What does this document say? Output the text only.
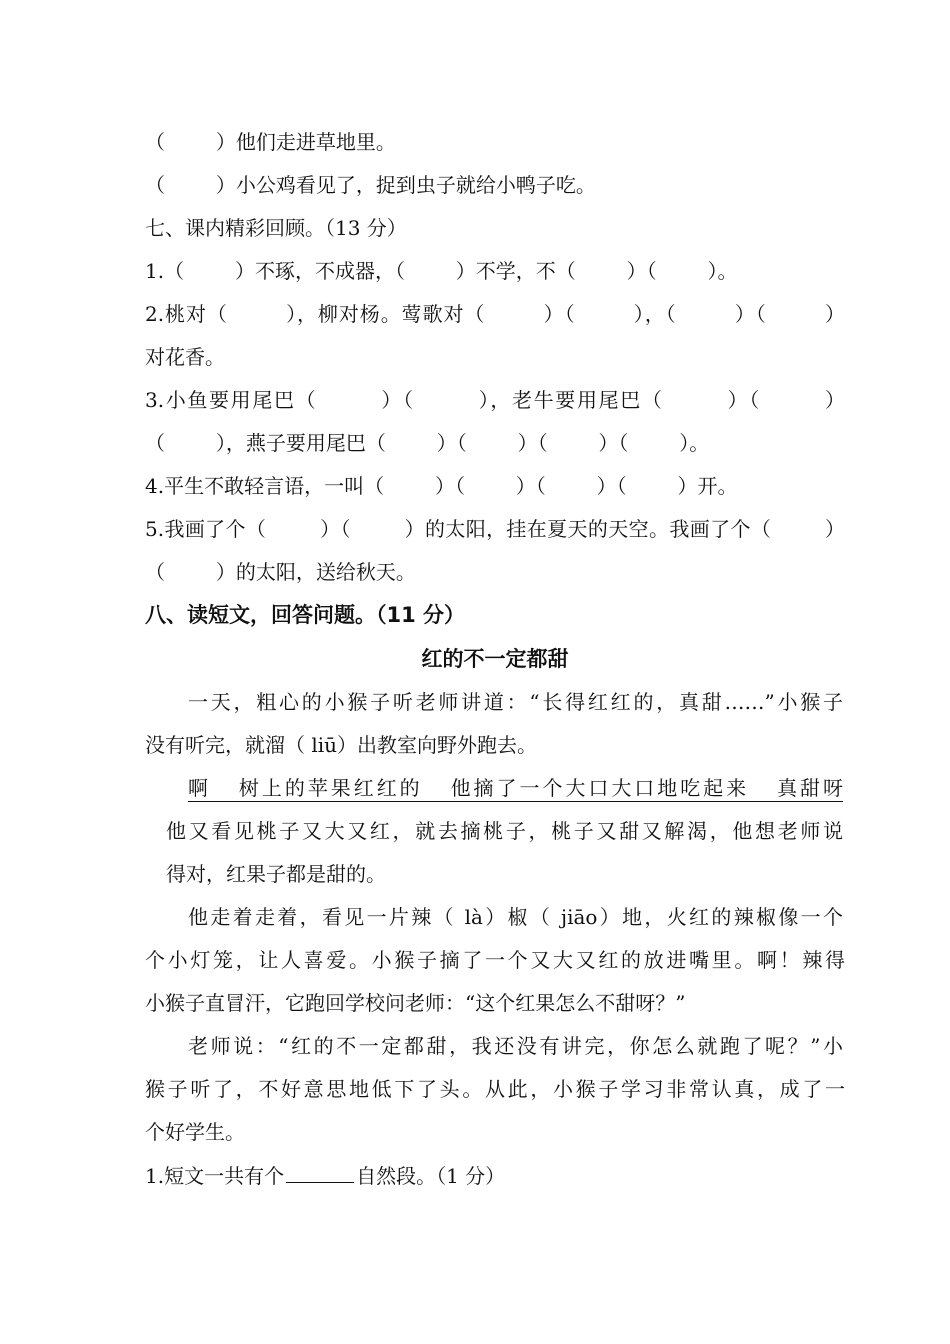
（        ）他们走进草地里。
（        ）小公鸡看见了，捉到虫子就给小鸭子吃。
七、课内精彩回顾。（13 分）
1.（        ）不琢，不成器，（        ）不学，不（        ）（        ）。
2.桃对（        ），柳对杨。莺歌对（        ）（        ），（        ）（        ）
对花香。
3.小鱼要用尾巴（        ）（        ），老牛要用尾巴（        ）（        ）
（        ），燕子要用尾巴（        ）（        ）（        ）（        ）。
4.平生不敢轻言语，一叫（        ）（        ）（        ）（        ）开。
5.我画了个（        ）（        ）的太阳，挂在夏天的天空。我画了个（        ）
（        ）的太阳，送给秋天。
八、读短文，回答问题。（11 分）
红的不一定都甜
一天，粗心的小猴子听老师讲道：“长得红红的，真甜……”小猴子
没有听完，就溜（ liū）出教室向野外跑去。
啊   树上的苹果红红的   他摘了一个大口大口地吃起来   真甜呀
他又看见桃子又大又红，就去摘桃子，桃子又甜又解渴，他想老师说
得对，红果子都是甜的。
他走着走着，看见一片辣（ là）椒（ jiāo）地，火红的辣椒像一个
个小灯笼，让人喜爱。小猴子摘了一个又大又红的放进嘴里。啊！辣得
小猴子直冒汗，它跑回学校问老师：“这个红果怎么不甜呀？”
老师说：“红的不一定都甜，我还没有讲完，你怎么就跑了呢？”小
猴子听了，不好意思地低下了头。从此，小猴子学习非常认真，成了一
个好学生。
1.短文一共有个	自然段。（1 分）
